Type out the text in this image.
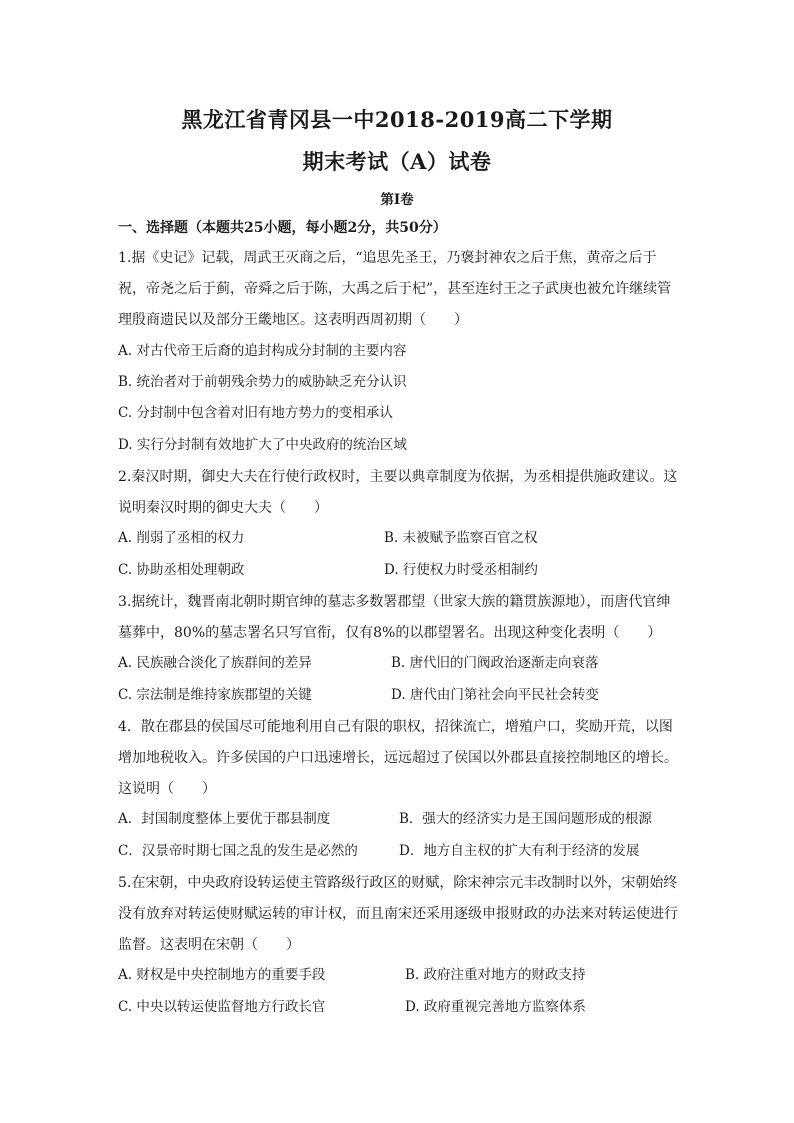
黑龙江省青冈县一中2018-2019高二下学期
期末考试（A）试卷
第Ⅰ卷
一、选择题（本题共25小题，每小题2分，共50分）
1.据《史记》记载，周武王灭商之后，“追思先圣王，乃褒封神农之后于焦，黄帝之后于祝，帝尧之后于蓟，帝舜之后于陈，大禹之后于杞”，甚至连纣王之子武庚也被允许继续管理殷商遗民以及部分王畿地区。这表明西周初期（　　）
A. 对古代帝王后裔的追封构成分封制的主要内容
B. 统治者对于前朝残余势力的威胁缺乏充分认识
C. 分封制中包含着对旧有地方势力的变相承认
D. 实行分封制有效地扩大了中央政府的统治区域
2.秦汉时期，御史大夫在行使行政权时，主要以典章制度为依据，为丞相提供施政建议。这说明秦汉时期的御史大夫（　　）
A. 削弱了丞相的权力	B. 未被赋予监察百官之权
C. 协助丞相处理朝政	D. 行使权力时受丞相制约
3.据统计，魏晋南北朝时期官绅的墓志多数署郡望（世家大族的籍贯族源地），而唐代官绅墓葬中，80%的墓志署名只写官衔，仅有8%的以郡望署名。出现这种变化表明（　　）
A. 民族融合淡化了族群间的差异	B. 唐代旧的门阀政治逐渐走向衰落
C. 宗法制是维持家族郡望的关键	D. 唐代由门第社会向平民社会转变
4．散在郡县的侯国尽可能地利用自己有限的职权，招徕流亡，增殖户口，奖励开荒，以图增加地税收入。许多侯国的户口迅速增长，远远超过了侯国以外郡县直接控制地区的增长。这说明（　　）
A．封国制度整体上要优于郡县制度	B．强大的经济实力是王国问题形成的根源
C．汉景帝时期七国之乱的发生是必然的	D．地方自主权的扩大有利于经济的发展
5.在宋朝，中央政府设转运使主管路级行政区的财赋，除宋神宗元丰改制时以外，宋朝始终没有放弃对转运使财赋运转的审计权，而且南宋还采用逐级申报财政的办法来对转运使进行监督。这表明在宋朝（　　）
A. 财权是中央控制地方的重要手段	B. 政府注重对地方的财政支持
C. 中央以转运使监督地方行政长官	D. 政府重视完善地方监察体系
